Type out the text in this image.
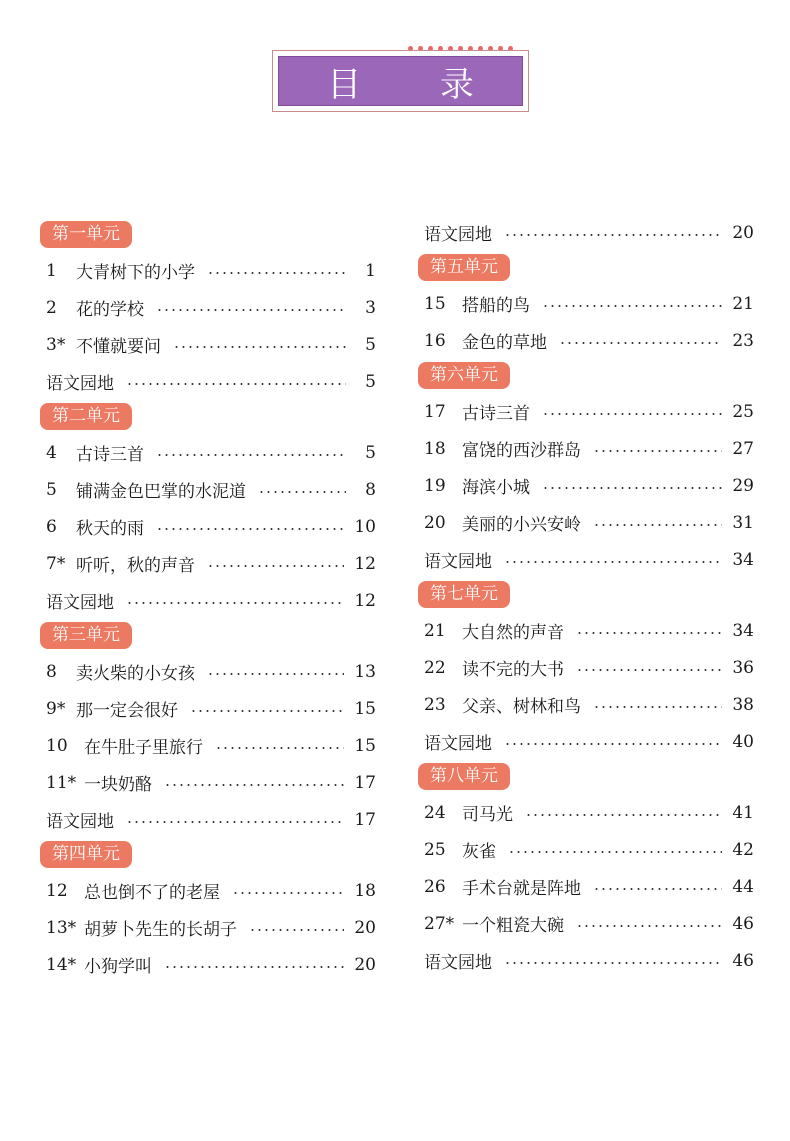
目 录
第一单元
1	大青树下的小学	1
2	花的学校	3
3* 不懂就要问	5
语文园地	5
第二单元
4	古诗三首	5
5	铺满金色巴掌的水泥道	8
6	秋天的雨	10
7* 听听，秋的声音	12
语文园地	12
第三单元
8	卖火柴的小女孩	13
9* 那一定会很好	15
10 在牛肚子里旅行	15
11* 一块奶酪	17
语文园地	17
第四单元
12 总也倒不了的老屋	18
13* 胡萝卜先生的长胡子	20
14* 小狗学叫	20
语文园地	20
第五单元
15 搭船的鸟	21
16 金色的草地	23
第六单元
17 古诗三首	25
18 富饶的西沙群岛	27
19 海滨小城	29
20 美丽的小兴安岭	31
语文园地	34
第七单元
21 大自然的声音	34
22 读不完的大书	36
23 父亲、树林和鸟	38
语文园地	40
第八单元
24 司马光	41
25 灰雀	42
26 手术台就是阵地	44
27* 一个粗瓷大碗	46
语文园地	46
